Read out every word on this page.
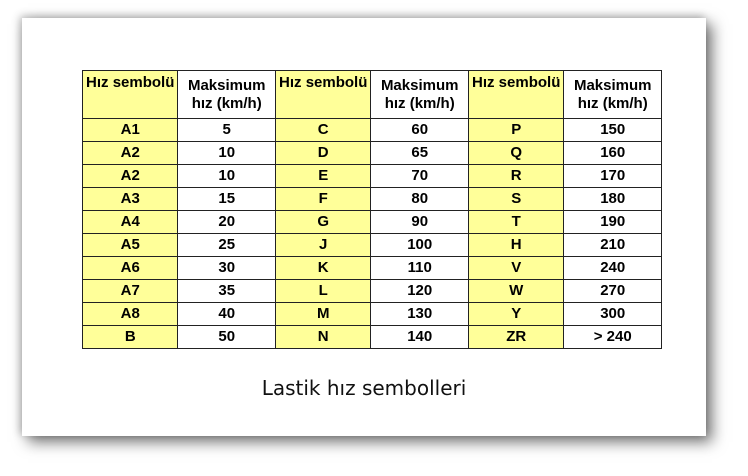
Hız sembolü	Maksimum hız (km/h)	Hız sembolü	Maksimum hız (km/h)	Hız sembolü	Maksimum hız (km/h)
A1	5	C	60	P	150
A2	10	D	65	Q	160
A2	10	E	70	R	170
A3	15	F	80	S	180
A4	20	G	90	T	190
A5	25	J	100	H	210
A6	30	K	110	V	240
A7	35	L	120	W	270
A8	40	M	130	Y	300
B	50	N	140	ZR	> 240
Lastik hız sembolleri
